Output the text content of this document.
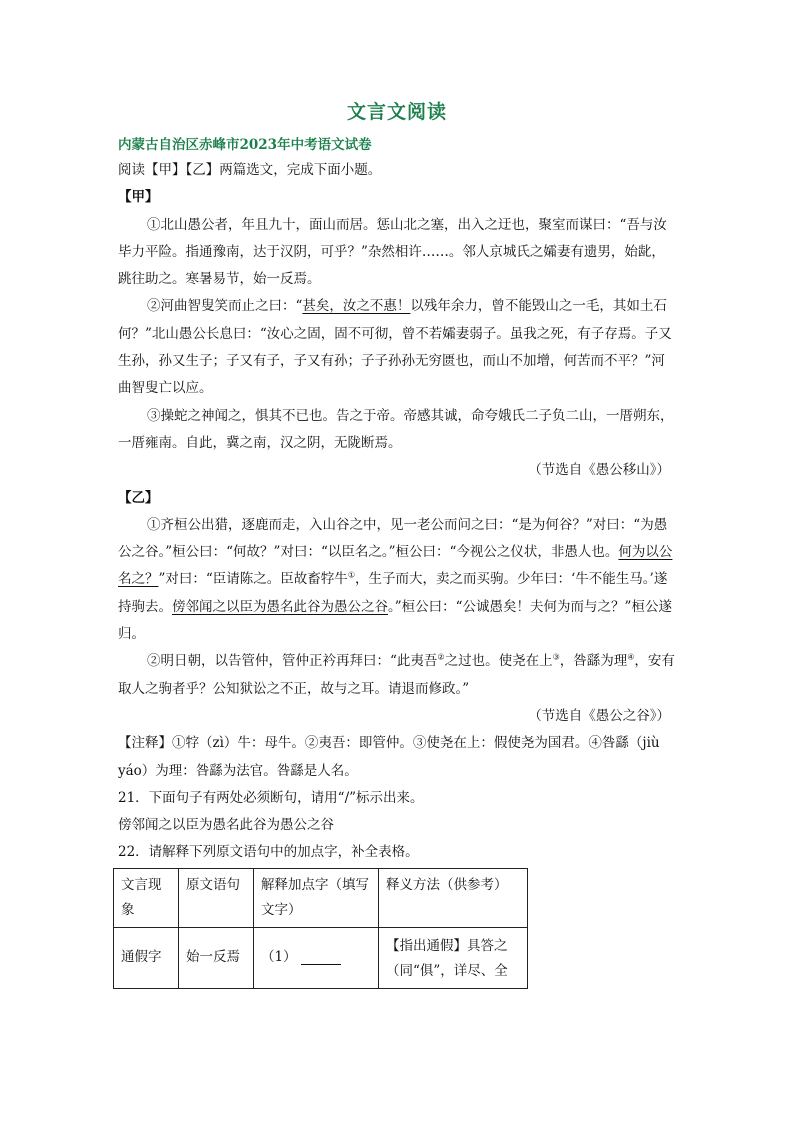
文言文阅读
内蒙古自治区赤峰市2023年中考语文试卷

阅读【甲】【乙】两篇选文，完成下面小题。

【甲】

①北山愚公者，年且九十，面山而居。惩山北之塞，出入之迂也，聚室而谋曰：“吾与汝毕力平险。指通豫南，达于汉阴，可乎？”杂然相许……。邻人京城氏之孀妻有遗男，始龀，跳往助之。寒暑易节，始一反焉。

②河曲智叟笑而止之曰：“甚矣，汝之不惠！以残年余力，曾不能毁山之一毛，其如土石何？”北山愚公长息曰：“汝心之固，固不可彻，曾不若孀妻弱子。虽我之死，有子存焉。子又生孙，孙又生子；子又有子，子又有孙；子子孙孙无穷匮也，而山不加增，何苦而不平？”河曲智叟亡以应。

③操蛇之神闻之，惧其不已也。告之于帝。帝感其诚，命夸娥氏二子负二山，一厝朔东，一厝雍南。自此，冀之南，汉之阴，无陇断焉。

（节选自《愚公移山》）

【乙】

①齐桓公出猎，逐鹿而走，入山谷之中，见一老公而问之曰：“是为何谷？”对曰：“为愚公之谷。”桓公曰：“何故？”对曰：“以臣名之。”桓公曰：“今视公之仪状，非愚人也。何为以公名之？”对曰：“臣请陈之。臣故畜牸牛①，生子而大，卖之而买驹。少年曰：‘牛不能生马。’遂持驹去。傍邻闻之以臣为愚名此谷为愚公之谷。”桓公曰：“公诚愚矣！夫何为而与之？”桓公遂归。

②明日朝，以告管仲，管仲正衿再拜曰：“此夷吾②之过也。使尧在上③，咎繇为理④，安有取人之驹者乎？公知狱讼之不正，故与之耳。请退而修政。”

（节选自《愚公之谷》）

【注释】①牸（zì）牛：母牛。②夷吾：即管仲。③使尧在上：假使尧为国君。④咎繇（jiù yáo）为理：咎繇为法官。咎繇是人名。

21．下面句子有两处必须断句，请用“/”标示出来。

傍邻闻之以臣为愚名此谷为愚公之谷

22．请解释下列原文语句中的加点字，补全表格。

文言现象	原文语句	解释加点字（填写文字）	释义方法（供参考）
通假字	始一反焉	（1）	【指出通假】具答之（同“俱”，详尽、全
